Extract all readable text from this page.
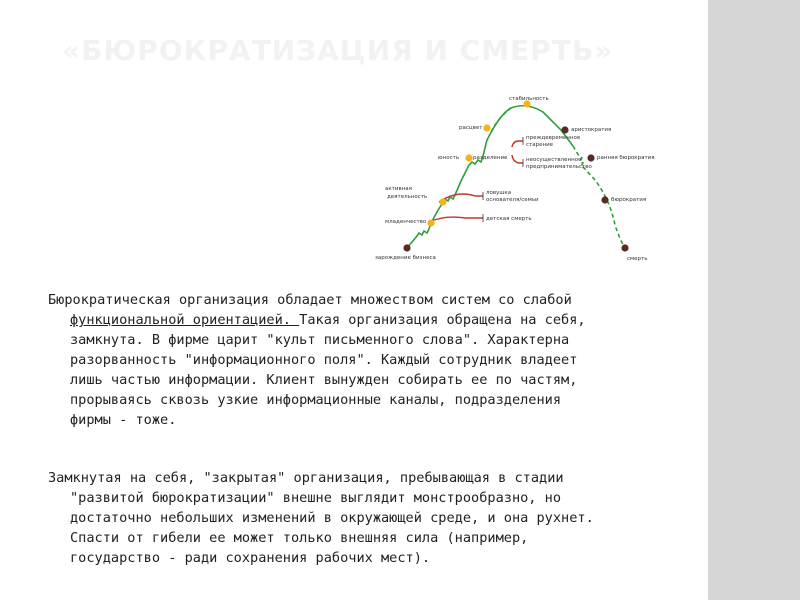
«БЮРОКРАТИЗАЦИЯ И СМЕРТЬ»
зарождение бизнеса
младенчество
активная
деятельность
юность	разделение
расцвет
стабильность
аристократия
ранняя бюрократия
бюрократия
смерть
преждевременное
старение
неосуществленное
предпринимательство
ловушка
основателя/семьи
детская смерть
Бюрократическая организация обладает множеством систем со слабой
функциональной ориентацией. Такая организация обращена на себя,
замкнута. В фирме царит "культ письменного слова". Характерна
разорванность "информационного поля". Каждый сотрудник владеет
лишь частью информации. Клиент вынужден собирать ее по частям,
прорываясь сквозь узкие информационные каналы, подразделения
фирмы - тоже.
Замкнутая на себя, "закрытая" организация, пребывающая в стадии
"развитой бюрократизации" внешне выглядит монстрообразно, но
достаточно небольших изменений в окружающей среде, и она рухнет.
Спасти от гибели ее может только внешняя сила (например,
государство - ради сохранения рабочих мест).
